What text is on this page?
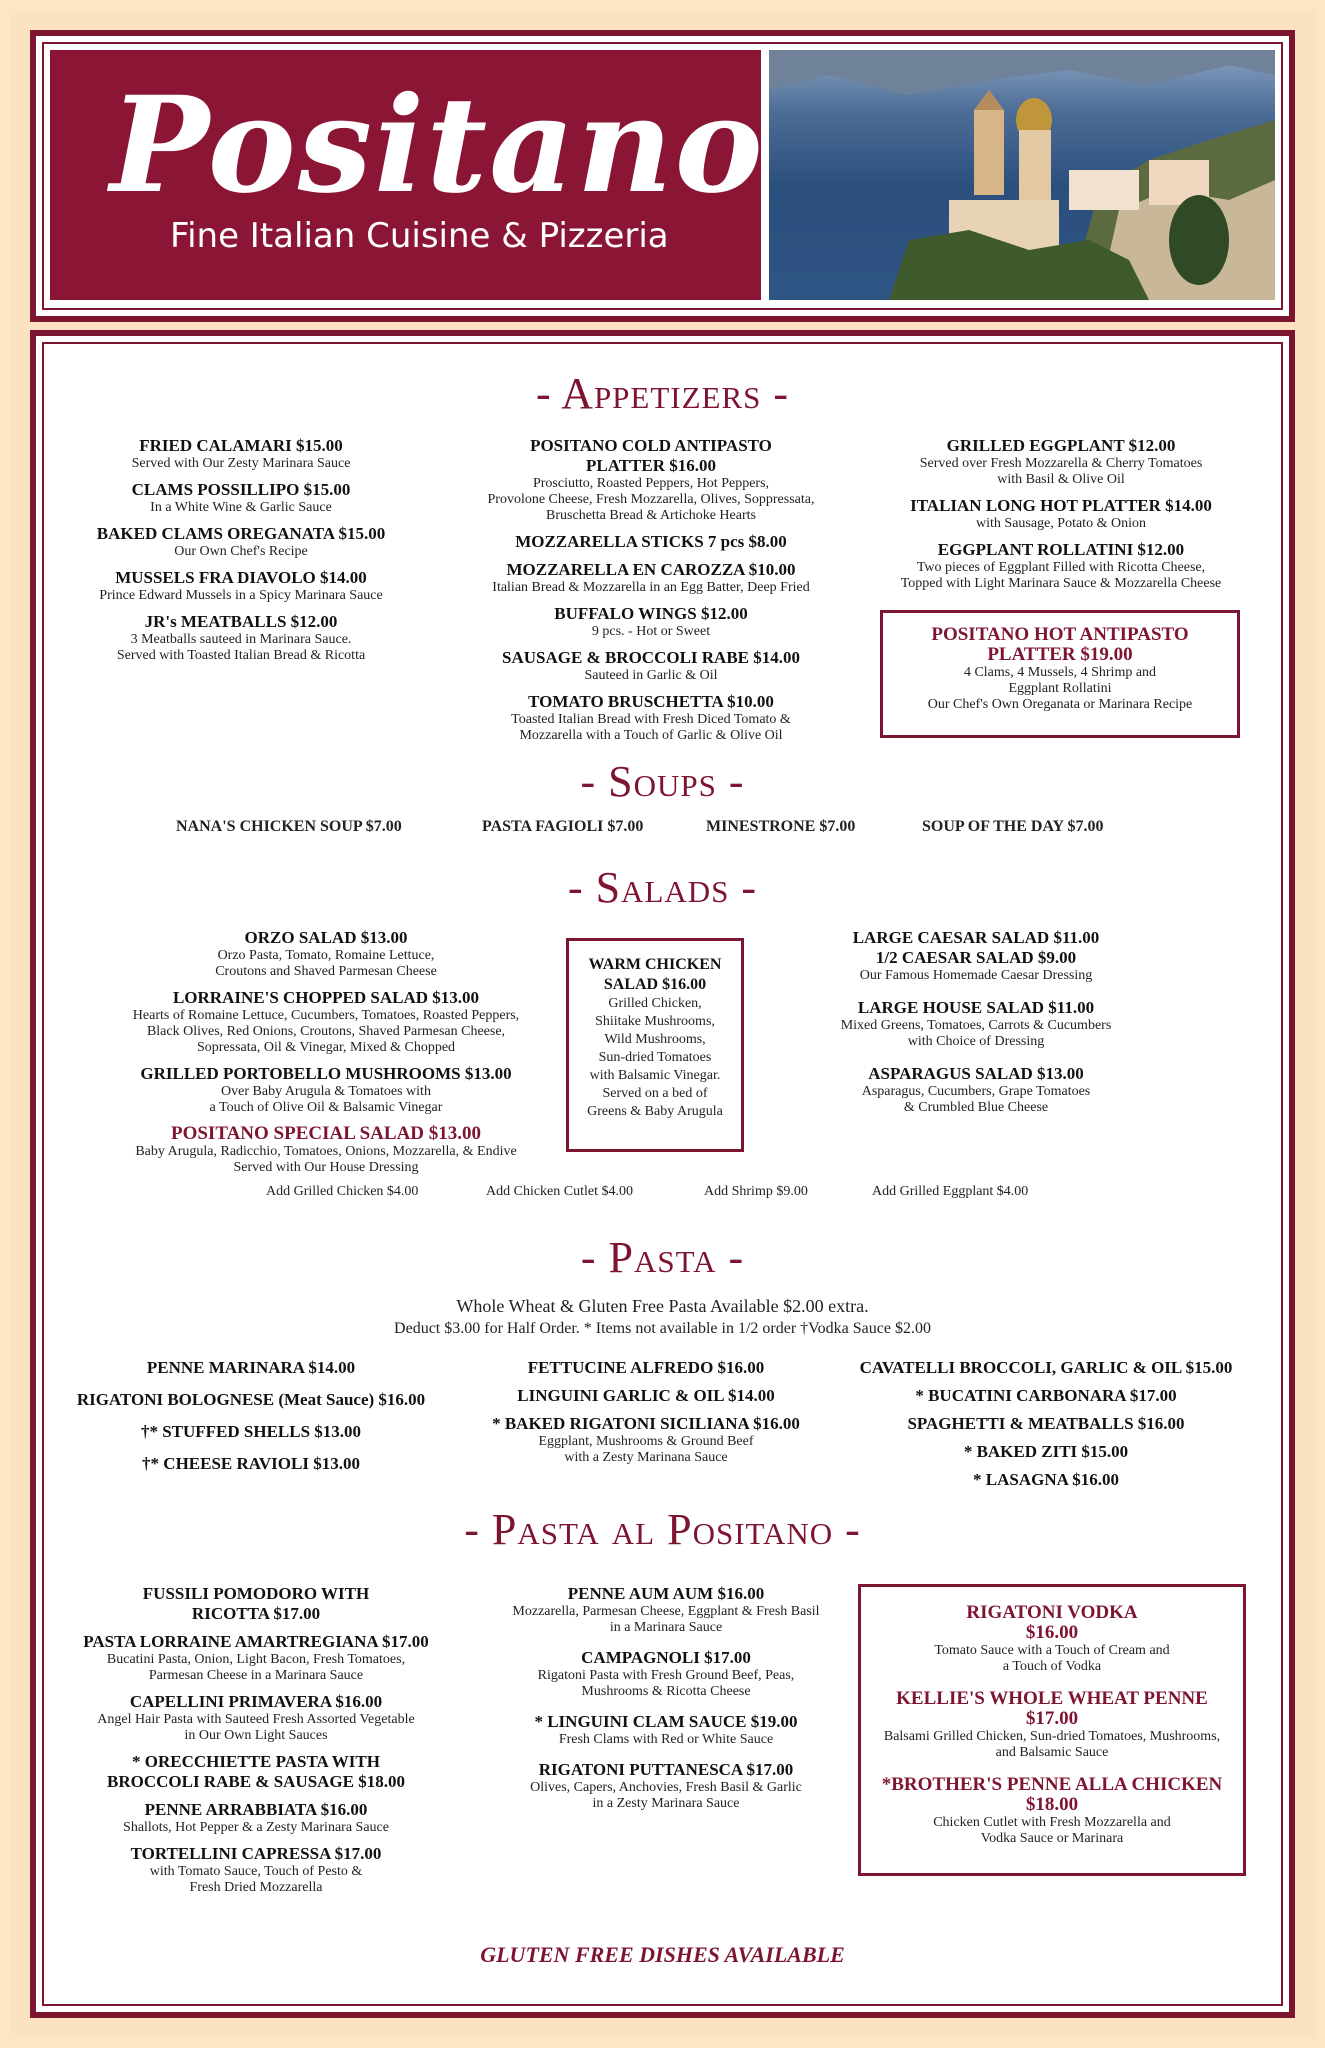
Positano
Fine Italian Cuisine & Pizzeria
- Appetizers -
FRIED CALAMARI $15.00
Served with Our Zesty Marinara Sauce
CLAMS POSSILLIPO $15.00
In a White Wine & Garlic Sauce
BAKED CLAMS OREGANATA $15.00
Our Own Chef's Recipe
MUSSELS FRA DIAVOLO $14.00
Prince Edward Mussels in a Spicy Marinara Sauce
JR's MEATBALLS $12.00
3 Meatballs sauteed in Marinara Sauce.
Served with Toasted Italian Bread & Ricotta
POSITANO COLD ANTIPASTO
PLATTER $16.00
Prosciutto, Roasted Peppers, Hot Peppers,
Provolone Cheese, Fresh Mozzarella, Olives, Soppressata,
Bruschetta Bread & Artichoke Hearts
MOZZARELLA STICKS 7 pcs $8.00
MOZZARELLA EN CAROZZA $10.00
Italian Bread & Mozzarella in an Egg Batter, Deep Fried
BUFFALO WINGS $12.00
9 pcs. - Hot or Sweet
SAUSAGE & BROCCOLI RABE $14.00
Sauteed in Garlic & Oil
TOMATO BRUSCHETTA $10.00
Toasted Italian Bread with Fresh Diced Tomato &
Mozzarella with a Touch of Garlic & Olive Oil
GRILLED EGGPLANT $12.00
Served over Fresh Mozzarella & Cherry Tomatoes
with Basil & Olive Oil
ITALIAN LONG HOT PLATTER $14.00
with Sausage, Potato & Onion
EGGPLANT ROLLATINI $12.00
Two pieces of Eggplant Filled with Ricotta Cheese,
Topped with Light Marinara Sauce & Mozzarella Cheese
POSITANO HOT ANTIPASTO
PLATTER $19.00
4 Clams, 4 Mussels, 4 Shrimp and
Eggplant Rollatini
Our Chef's Own Oreganata or Marinara Recipe
- Soups -
NANA'S CHICKEN SOUP $7.00	PASTA FAGIOLI $7.00	MINESTRONE $7.00	SOUP OF THE DAY $7.00
- Salads -
ORZO SALAD $13.00
Orzo Pasta, Tomato, Romaine Lettuce,
Croutons and Shaved Parmesan Cheese
LORRAINE'S CHOPPED SALAD $13.00
Hearts of Romaine Lettuce, Cucumbers, Tomatoes, Roasted Peppers,
Black Olives, Red Onions, Croutons, Shaved Parmesan Cheese,
Sopressata, Oil & Vinegar, Mixed & Chopped
GRILLED PORTOBELLO MUSHROOMS $13.00
Over Baby Arugula & Tomatoes with
a Touch of Olive Oil & Balsamic Vinegar
POSITANO SPECIAL SALAD $13.00
Baby Arugula, Radicchio, Tomatoes, Onions, Mozzarella, & Endive
Served with Our House Dressing
WARM CHICKEN
SALAD $16.00
Grilled Chicken,
Shiitake Mushrooms,
Wild Mushrooms,
Sun-dried Tomatoes
with Balsamic Vinegar.
Served on a bed of
Greens & Baby Arugula
LARGE CAESAR SALAD $11.00
1/2 CAESAR SALAD $9.00
Our Famous Homemade Caesar Dressing
LARGE HOUSE SALAD $11.00
Mixed Greens, Tomatoes, Carrots & Cucumbers
with Choice of Dressing
ASPARAGUS SALAD $13.00
Asparagus, Cucumbers, Grape Tomatoes
& Crumbled Blue Cheese
Add Grilled Chicken $4.00	Add Chicken Cutlet $4.00	Add Shrimp $9.00	Add Grilled Eggplant $4.00
- Pasta -
Whole Wheat & Gluten Free Pasta Available $2.00 extra.
Deduct $3.00 for Half Order. * Items not available in 1/2 order †Vodka Sauce $2.00
PENNE MARINARA $14.00
RIGATONI BOLOGNESE (Meat Sauce) $16.00
†* STUFFED SHELLS $13.00
†* CHEESE RAVIOLI $13.00
FETTUCINE ALFREDO $16.00
LINGUINI GARLIC & OIL $14.00
* BAKED RIGATONI SICILIANA $16.00
Eggplant, Mushrooms & Ground Beef
with a Zesty Marinana Sauce
CAVATELLI BROCCOLI, GARLIC & OIL $15.00
* BUCATINI CARBONARA $17.00
SPAGHETTI & MEATBALLS $16.00
* BAKED ZITI $15.00
* LASAGNA $16.00
- Pasta al Positano -
FUSSILI POMODORO WITH
RICOTTA $17.00
PASTA LORRAINE AMARTREGIANA $17.00
Bucatini Pasta, Onion, Light Bacon, Fresh Tomatoes,
Parmesan Cheese in a Marinara Sauce
CAPELLINI PRIMAVERA $16.00
Angel Hair Pasta with Sauteed Fresh Assorted Vegetable
in Our Own Light Sauces
* ORECCHIETTE PASTA WITH
BROCCOLI RABE & SAUSAGE $18.00
PENNE ARRABBIATA $16.00
Shallots, Hot Pepper & a Zesty Marinara Sauce
TORTELLINI CAPRESSA $17.00
with Tomato Sauce, Touch of Pesto &
Fresh Dried Mozzarella
PENNE AUM AUM $16.00
Mozzarella, Parmesan Cheese, Eggplant & Fresh Basil
in a Marinara Sauce
CAMPAGNOLI $17.00
Rigatoni Pasta with Fresh Ground Beef, Peas,
Mushrooms & Ricotta Cheese
* LINGUINI CLAM SAUCE $19.00
Fresh Clams with Red or White Sauce
RIGATONI PUTTANESCA $17.00
Olives, Capers, Anchovies, Fresh Basil & Garlic
in a Zesty Marinara Sauce
RIGATONI VODKA
$16.00
Tomato Sauce with a Touch of Cream and
a Touch of Vodka
KELLIE'S WHOLE WHEAT PENNE
$17.00
Balsami Grilled Chicken, Sun-dried Tomatoes, Mushrooms,
and Balsamic Sauce
*BROTHER'S PENNE ALLA CHICKEN
$18.00
Chicken Cutlet with Fresh Mozzarella and
Vodka Sauce or Marinara
GLUTEN FREE DISHES AVAILABLE
